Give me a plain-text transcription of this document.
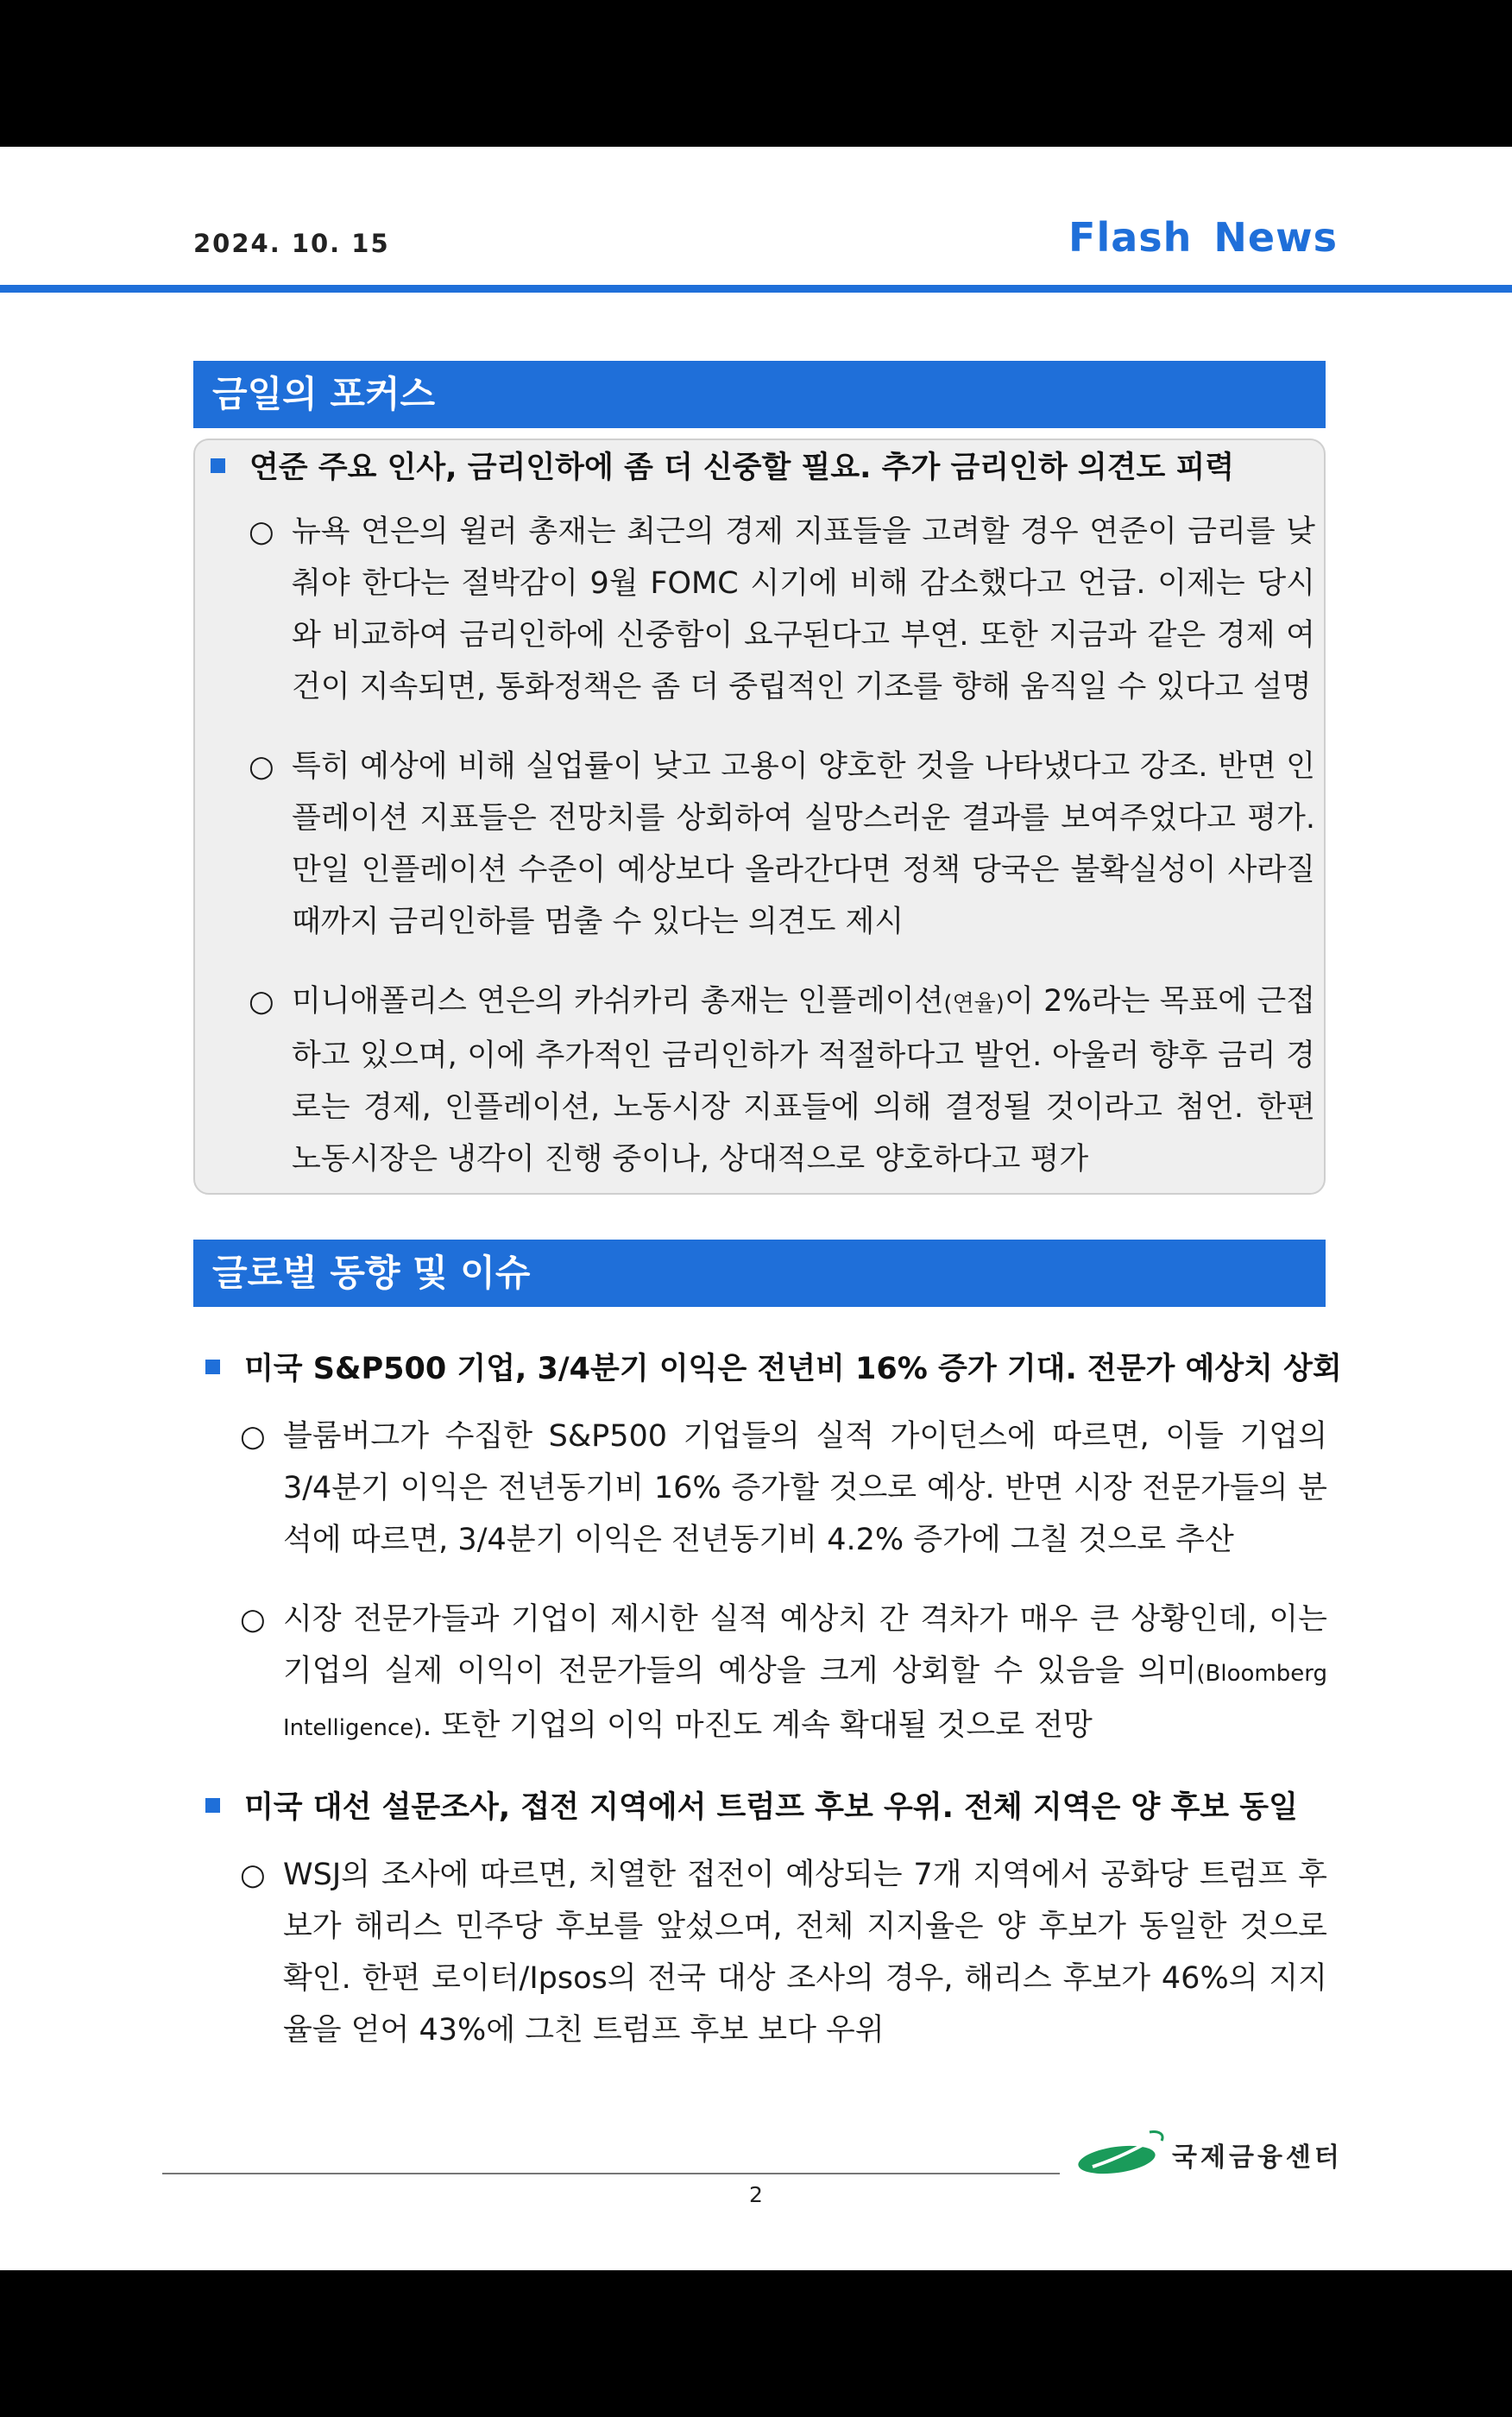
2024. 10. 15	Flash News
금일의 포커스
연준 주요 인사, 금리인하에 좀 더 신중할 필요. 추가 금리인하 의견도 피력
○ 뉴욕 연은의 윌러 총재는 최근의 경제 지표들을 고려할 경우 연준이 금리를 낮춰야 한다는 절박감이 9월 FOMC 시기에 비해 감소했다고 언급. 이제는 당시와 비교하여 금리인하에 신중함이 요구된다고 부연. 또한 지금과 같은 경제 여건이 지속되면, 통화정책은 좀 더 중립적인 기조를 향해 움직일 수 있다고 설명
○ 특히 예상에 비해 실업률이 낮고 고용이 양호한 것을 나타냈다고 강조. 반면 인플레이션 지표들은 전망치를 상회하여 실망스러운 결과를 보여주었다고 평가. 만일 인플레이션 수준이 예상보다 올라간다면 정책 당국은 불확실성이 사라질 때까지 금리인하를 멈출 수 있다는 의견도 제시
○ 미니애폴리스 연은의 카쉬카리 총재는 인플레이션(연율)이 2%라는 목표에 근접하고 있으며, 이에 추가적인 금리인하가 적절하다고 발언. 아울러 향후 금리 경로는 경제, 인플레이션, 노동시장 지표들에 의해 결정될 것이라고 첨언. 한편 노동시장은 냉각이 진행 중이나, 상대적으로 양호하다고 평가
글로벌 동향 및 이슈
미국 S&P500 기업, 3/4분기 이익은 전년비 16% 증가 기대. 전문가 예상치 상회
○ 블룸버그가 수집한 S&P500 기업들의 실적 가이던스에 따르면, 이들 기업의 3/4분기 이익은 전년동기비 16% 증가할 것으로 예상. 반면 시장 전문가들의 분석에 따르면, 3/4분기 이익은 전년동기비 4.2% 증가에 그칠 것으로 추산
○ 시장 전문가들과 기업이 제시한 실적 예상치 간 격차가 매우 큰 상황인데, 이는 기업의 실제 이익이 전문가들의 예상을 크게 상회할 수 있음을 의미(Bloomberg Intelligence). 또한 기업의 이익 마진도 계속 확대될 것으로 전망
미국 대선 설문조사, 접전 지역에서 트럼프 후보 우위. 전체 지역은 양 후보 동일
○ WSJ의 조사에 따르면, 치열한 접전이 예상되는 7개 지역에서 공화당 트럼프 후보가 해리스 민주당 후보를 앞섰으며, 전체 지지율은 양 후보가 동일한 것으로 확인. 한편 로이터/Ipsos의 전국 대상 조사의 경우, 해리스 후보가 46%의 지지율을 얻어 43%에 그친 트럼프 후보 보다 우위
2
국제금융센터
